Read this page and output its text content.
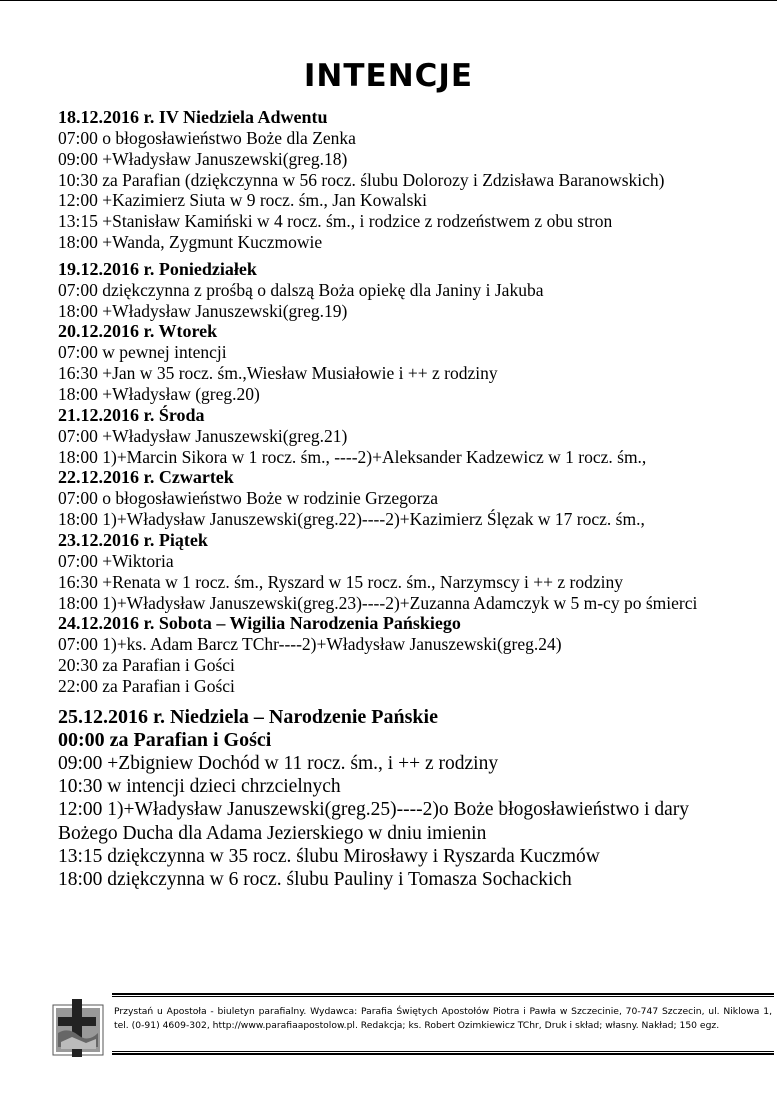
INTENCJE
18.12.2016 r. IV Niedziela Adwentu
07:00 o błogosławieństwo Boże dla Zenka
09:00 +Władysław Januszewski(greg.18)
10:30 za Parafian (dziękczynna w 56 rocz. ślubu Dolorozy i Zdzisława Baranowskich)
12:00 +Kazimierz Siuta w 9 rocz. śm., Jan Kowalski
13:15 +Stanisław Kamiński w 4 rocz. śm., i rodzice z rodzeństwem z obu stron
18:00 +Wanda, Zygmunt Kuczmowie
19.12.2016 r. Poniedziałek
07:00 dziękczynna z prośbą o dalszą Boża opiekę dla Janiny i Jakuba
18:00 +Władysław Januszewski(greg.19)
20.12.2016 r. Wtorek
07:00 w pewnej intencji
16:30 +Jan w 35 rocz. śm.,Wiesław Musiałowie i ++ z rodziny
18:00 +Władysław (greg.20)
21.12.2016 r. Środa
07:00 +Władysław Januszewski(greg.21)
18:00 1)+Marcin Sikora w 1 rocz. śm., ----2)+Aleksander Kadzewicz w 1 rocz. śm.,
22.12.2016 r. Czwartek
07:00 o błogosławieństwo Boże w rodzinie Grzegorza
18:00 1)+Władysław Januszewski(greg.22)----2)+Kazimierz Ślęzak w 17 rocz. śm.,
23.12.2016 r. Piątek
07:00 +Wiktoria
16:30 +Renata w 1 rocz. śm., Ryszard w 15 rocz. śm., Narzymscy i ++ z rodziny
18:00 1)+Władysław Januszewski(greg.23)----2)+Zuzanna Adamczyk w 5 m-cy po śmierci
24.12.2016 r. Sobota – Wigilia Narodzenia Pańskiego
07:00 1)+ks. Adam Barcz TChr----2)+Władysław Januszewski(greg.24)
20:30 za Parafian i Gości
22:00 za Parafian i Gości
25.12.2016 r. Niedziela – Narodzenie Pańskie
00:00 za Parafian i Gości
09:00 +Zbigniew Dochód w 11 rocz. śm., i ++ z rodziny
10:30 w intencji dzieci chrzcielnych
12:00 1)+Władysław Januszewski(greg.25)----2)o Boże błogosławieństwo i dary Bożego Ducha dla Adama Jezierskiego w dniu imienin
13:15 dziękczynna w 35 rocz. ślubu Mirosławy i Ryszarda Kuczmów
18:00 dziękczynna w 6 rocz. ślubu Pauliny i Tomasza Sochackich
Przystań u Apostoła - biuletyn parafialny. Wydawca: Parafia Świętych Apostołów Piotra i Pawła w Szczecinie, 70-747 Szczecin, ul. Niklowa 1, tel. (0-91) 4609-302, http://www.parafiaapostolow.pl. Redakcja; ks. Robert Ozimkiewicz TChr, Druk i skład; własny. Nakład; 150 egz.
